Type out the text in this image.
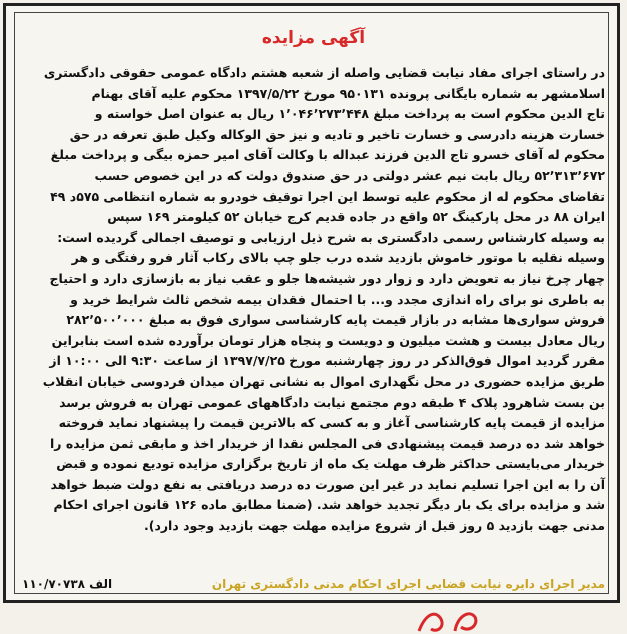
آگهی مزایده
در راستای اجرای مفاد نیابت قضایی واصله از شعبه هشتم دادگاه عمومی حقوقی دادگستری
اسلامشهر به شماره بایگانی پرونده ۹۵۰۱۳۱ مورخ ۱۳۹۷/۵/۲۲ محکوم علیه آقای بهنام
تاج الدین محکوم است به پرداخت مبلغ ۱٬۰۴۶٬۲۷۳٬۴۴۸ ریال به عنوان اصل خواسته و
خسارت هزینه دادرسی و خسارت تاخیر و تادیه و نیز حق الوکاله وکیل طبق تعرفه در حق
محکوم له آقای خسرو تاج الدین فرزند عبداله با وکالت آقای امیر حمزه بیگی و پرداخت مبلغ
۵۲٬۳۱۳٬۶۷۲ ریال بابت نیم عشر دولتی در حق صندوق دولت که در این خصوص حسب
تقاضای محکوم له از محکوم علیه توسط این اجرا توقیف خودرو به شماره انتظامی ۵۷۵د ۴۹
ایران ۸۸ در محل پارکینگ ۵۲ واقع در جاده قدیم کرج خیابان ۵۲ کیلومتر ۱۶۹ سپس
به وسیله کارشناس رسمی دادگستری به شرح ذیل ارزیابی و توصیف اجمالی گردیده است:
وسیله نقلیه با موتور خاموش بازدید شده درب جلو چپ بالای رکاب آثار فرو رفتگی و هر
چهار چرخ نیاز به تعویض دارد و زوار دور شیشه‌ها جلو و عقب نیاز به بازسازی دارد و احتیاج
به باطری نو برای راه اندازی مجدد و... با احتمال فقدان بیمه شخص ثالث شرایط خرید و
فروش سواری‌ها مشابه در بازار قیمت پایه کارشناسی سواری فوق به مبلغ ۲۸۲٬۵۰۰٬۰۰۰
ریال معادل بیست و هشت میلیون و دویست و پنجاه هزار تومان برآورده شده است بنابراین
مقرر گردید اموال فوق‌الذکر در روز چهارشنبه مورخ ۱۳۹۷/۷/۲۵ از ساعت ۹:۳۰ الی ۱۰:۰۰ از
طریق مزایده حضوری در محل نگهداری اموال به نشانی تهران میدان فردوسی خیابان انقلاب
بن بست شاهرود پلاک ۴ طبقه دوم مجتمع نیابت دادگاههای عمومی تهران به فروش برسد
مزایده از قیمت پایه کارشناسی آغاز و به کسی که بالاترین قیمت را پیشنهاد نماید فروخته
خواهد شد ده درصد قیمت پیشنهادی فی المجلس نقدا از خریدار اخذ و مابقی ثمن مزایده را
خریدار می‌بایستی حداکثر ظرف مهلت یک ماه از تاریخ برگزاری مزایده تودیع نموده و قبض
آن را به این اجرا تسلیم نماید در غیر این صورت ده درصد دریافتی به نفع دولت ضبط خواهد
شد و مزایده برای یک بار دیگر تجدید خواهد شد. (ضمنا مطابق ماده ۱۲۶ قانون اجرای احکام
مدنی جهت بازدید ۵ روز قبل از شروع مزایده مهلت جهت بازدید وجود دارد).
مدیر اجرای دایره نیابت قضایی اجرای احکام مدنی دادگستری تهران
۱۱۰/۷۰۷۳۸ الف
